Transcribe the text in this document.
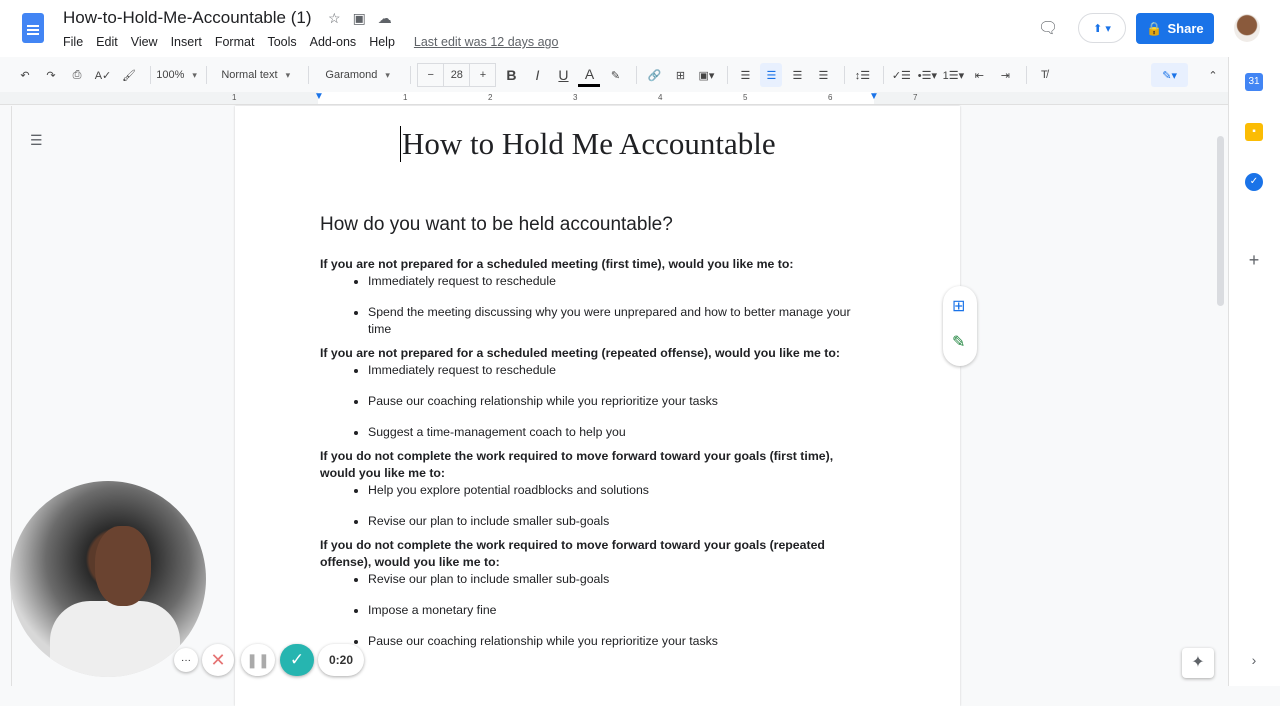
How-to-Hold-Me-Accountable (1) ☆ ▣ ☁
File Edit View Insert Format Tools Add-ons Help Last edit was 12 days ago
🗨	⬆ ▾	🔒 Share
↶	↷	⎙	A✓ 🖌	100% ▾	Normal text ▾	Garamond ▾	−	28	+	B	I	U	A	✎	🔗	⊞	▣▾	☰	☰	☰	☰	↕☰	✓☰ •☰▾ 1☰▾ ⇤	⇥	T̸	✎▾	⌃
1	1	2	3	4	5	6	7
▼	▼
☰	How to Hold Me Accountable
How do you want to be held accountable?
If you are not prepared for a scheduled meeting (first time), would you like me to:
• Immediately request to reschedule
• Spend the meeting discussing why you were unprepared and how to better manage your time
If you are not prepared for a scheduled meeting (repeated offense), would you like me to:
• Immediately request to reschedule
• Pause our coaching relationship while you reprioritize your tasks
• Suggest a time-management coach to help you
If you do not complete the work required to move forward toward your goals (first time), would you like me to:
• Help you explore potential roadblocks and solutions
• Revise our plan to include smaller sub-goals
If you do not complete the work required to move forward toward your goals (repeated offense), would you like me to:
• Revise our plan to include smaller sub-goals
• Impose a monetary fine
• Pause our coaching relationship while you reprioritize your tasks
⊞
✎
31
▪
✓
+
›
✦
···	✕	❚❚	✓	0:20
